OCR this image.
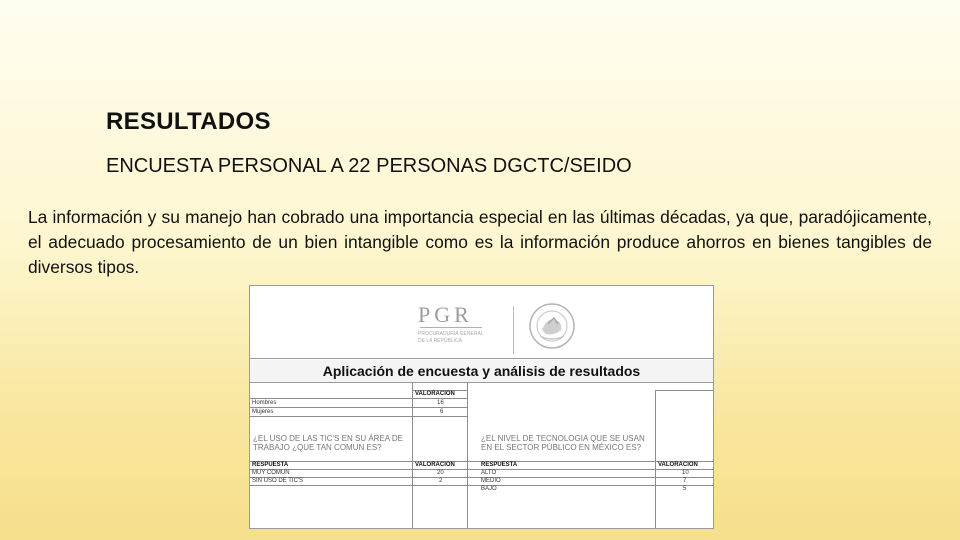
RESULTADOS
ENCUESTA PERSONAL A 22 PERSONAS DGCTC/SEIDO
La información y su manejo han cobrado una importancia especial en las últimas décadas, ya que, paradójicamente, el adecuado procesamiento de un bien intangible como es la información produce ahorros en bienes tangibles de diversos tipos.
PGR
PROCURADURÍA GENERAL
DE LA REPÚBLICA
Aplicación de encuesta y análisis de resultados
VALORACION
Hombres	16
Mujeres	6
¿EL USO DE LAS TIC'S EN SU ÁREA DE TRABAJO ¿QUE TAN COMUN ES?
¿EL NIVEL DE TECNOLOGIA QUE SE USAN EN EL SECTOR PÚBLICO EN MÉXICO ES?
RESPUESTA	VALORACION
MUY COMUN	20
SIN USO DE TIC'S	2
RESPUESTA	VALORACION
ALTO	10
MEDIO	7
BAJO	5
